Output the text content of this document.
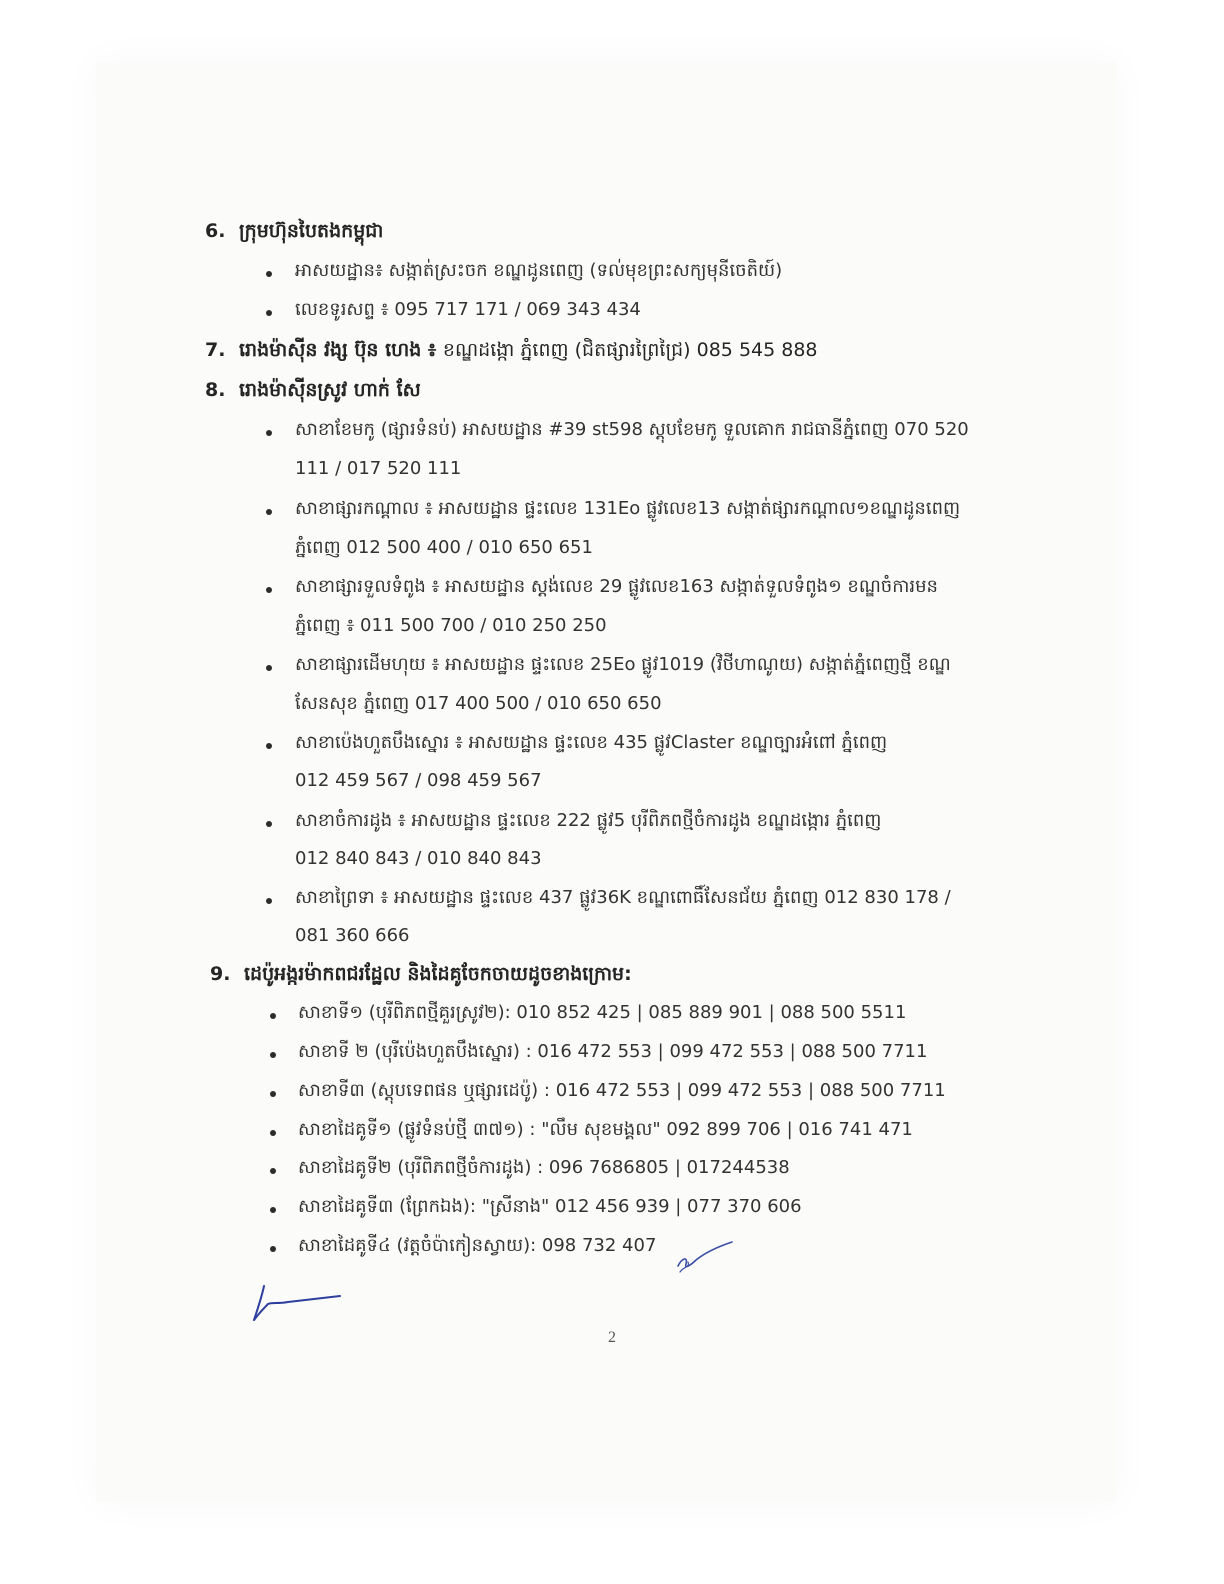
6. ក្រុមហ៊ុនបៃតងកម្ពុជា
អាសយដ្ឋាន៖ សង្កាត់ស្រះចក ខណ្ឌដូនពេញ (ទល់មុខព្រះសក្យមុនីចេតិយ៍)
លេខទូរសព្ទ ៖ 095 717 171 / 069 343 434
7. រោងម៉ាស៊ីន វង្ស ប៊ុន ហេង ៖ ខណ្ឌដង្កោ ភ្នំពេញ (ជិតផ្សារព្រៃជ្រៃ) 085 545 888
8. រោងម៉ាស៊ីនស្រូវ ហាក់ សែ
សាខាខែមកូ (ផ្សារទំនប់) អាសយដ្ឋាន #39 st598 ស្តុបខែមកូ ទួលគោក រាជធានីភ្នំពេញ 070 520
111 / 017 520 111
សាខាផ្សារកណ្តាល ៖ អាសយដ្ឋាន ផ្ទះលេខ 131Eo ផ្លូវលេខ13 សង្កាត់ផ្សារកណ្តាល១ខណ្ឌដូនពេញ
ភ្នំពេញ 012 500 400 / 010 650 651
សាខាផ្សារទួលទំពូង ៖ អាសយដ្ឋាន ស្តង់លេខ 29 ផ្លូវលេខ163 សង្កាត់ទួលទំពូង១ ខណ្ឌចំការមន
ភ្នំពេញ ៖ 011 500 700 / 010 250 250
សាខាផ្សារដើមហុយ ៖ អាសយដ្ឋាន ផ្ទះលេខ 25Eo ផ្លូវ1019 (វិថីហាណូយ) សង្កាត់ភ្នំពេញថ្មី ខណ្ឌ
សែនសុខ ភ្នំពេញ 017 400 500 / 010 650 650
សាខាប៉េងហួតបឹងស្នោរ ៖ អាសយដ្ឋាន ផ្ទះលេខ 435 ផ្លូវClaster ខណ្ឌច្បារអំពៅ ភ្នំពេញ
012 459 567 / 098 459 567
សាខាចំការដូង ៖ អាសយដ្ឋាន ផ្ទះលេខ 222 ផ្លូវ5 បុរីពិភពថ្មីចំការដូង ខណ្ឌដង្កោរ ភ្នំពេញ
012 840 843 / 010 840 843
សាខាព្រៃទា ៖ អាសយដ្ឋាន ផ្ទះលេខ 437 ផ្លូវ36K ខណ្ឌពោធិ៍សែនជ័យ ភ្នំពេញ 012 830 178 /
081 360 666
9. ដេប៉ូអង្ករម៉ាកពជរដ្ឋែល និងដៃគូចែកចាយដូចខាងក្រោម:
សាខាទី១ (បុរីពិភពថ្មីគួរស្រូវ២): 010 852 425 | 085 889 901 | 088 500 5511
សាខាទី ២ (បុរីប៉េងហួតបឹងស្នោរ) : 016 472 553 | 099 472 553 | 088 500 7711
សាខាទី៣ (ស្តុបទេពផន ឬផ្សារដេប៉ូ) : 016 472 553 | 099 472 553 | 088 500 7711
សាខាដៃគូទី១ (ផ្លូវទំនប់ថ្មី ៣៧១) : "លឹម សុខមង្គល" 092 899 706 | 016 741 471
សាខាដៃគូទី២ (បុរីពិភពថ្មីចំការដូង) : 096 7686805 | 017244538
សាខាដៃគូទី៣ (ព្រែកឯង): "ស្រីនាង" 012 456 939 | 077 370 606
សាខាដៃគូទី៤ (វត្តចំប៉ាកៀនស្វាយ): 098 732 407
2
